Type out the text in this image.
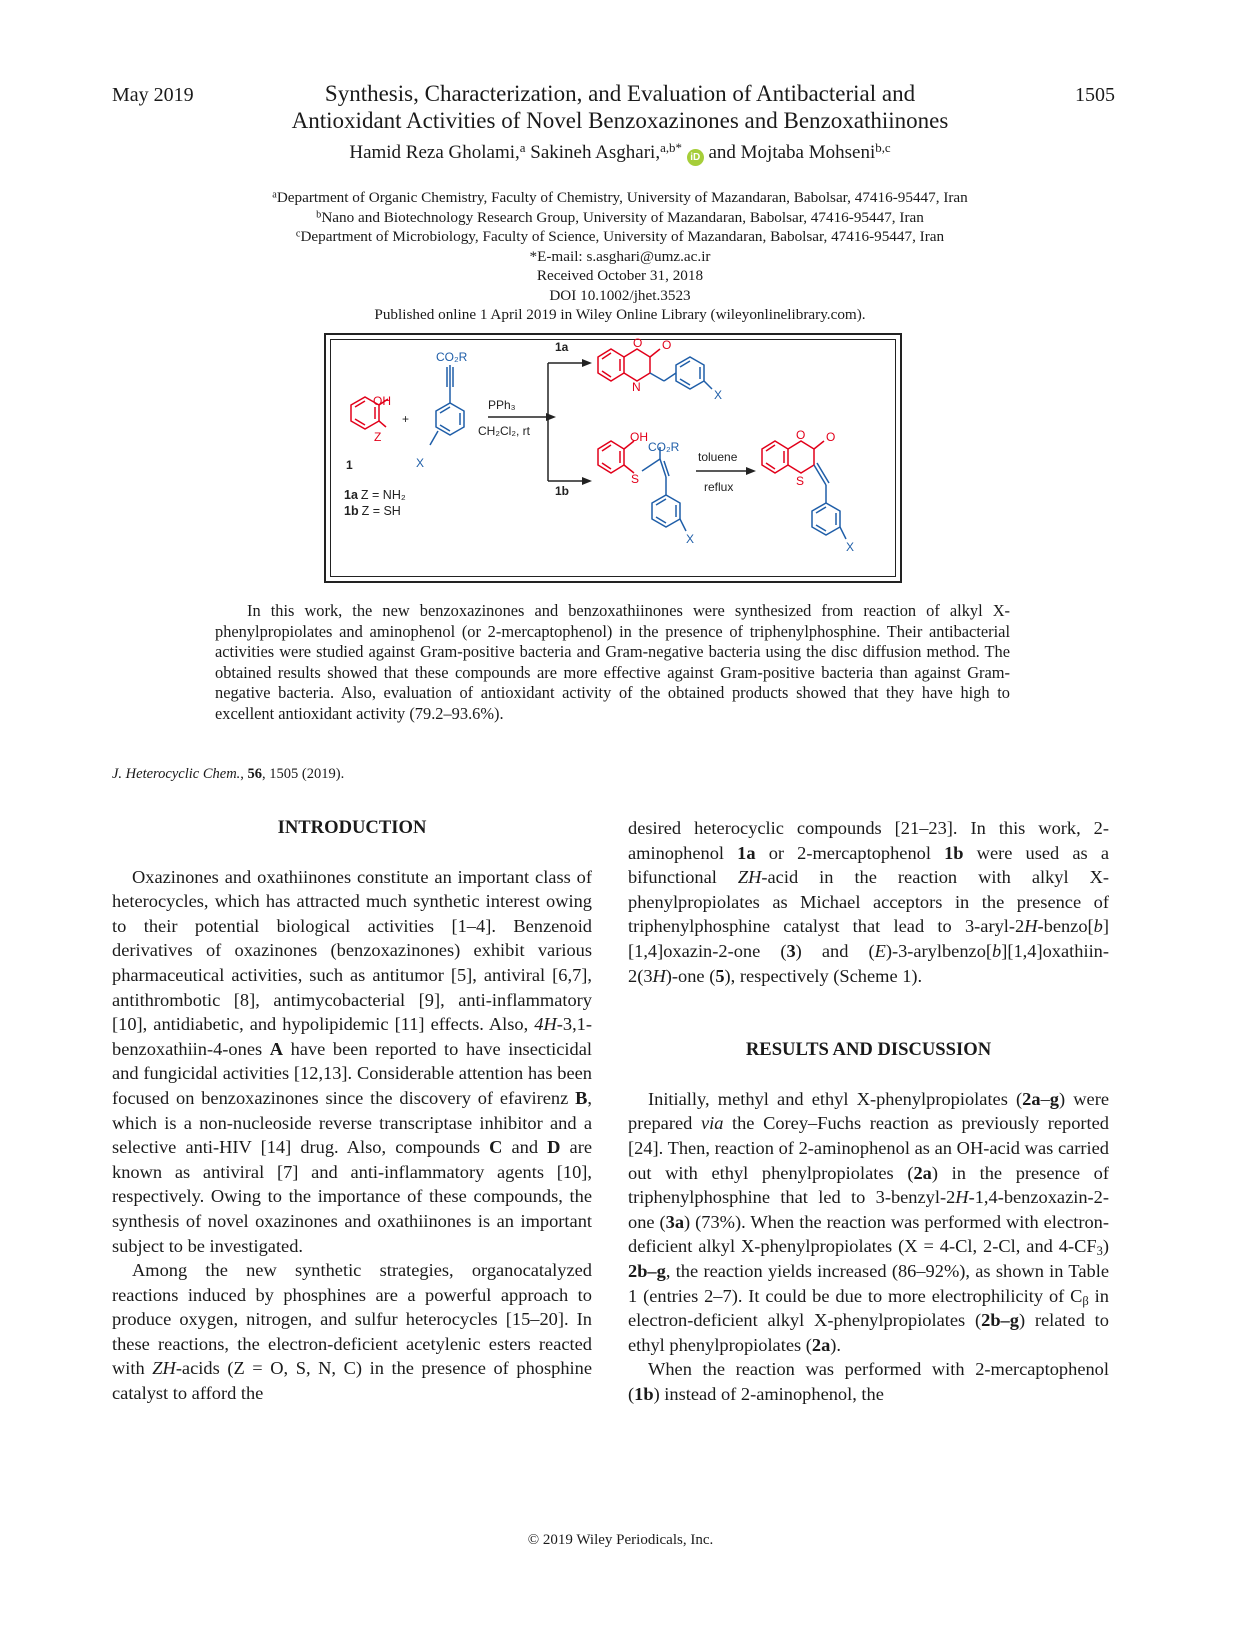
May 2019	1505
Synthesis, Characterization, and Evaluation of Antibacterial and
Antioxidant Activities of Novel Benzoxazinones and Benzoxathiinones
Hamid Reza Gholami,$^a$ Sakineh Asghari,$^{a,b*}$ iD and Mojtaba Mohseni$^{b,c}$
$^a$Department of Organic Chemistry, Faculty of Chemistry, University of Mazandaran, Babolsar, 47416-95447, Iran
$^b$Nano and Biotechnology Research Group, University of Mazandaran, Babolsar, 47416-95447, Iran
$^c$Department of Microbiology, Faculty of Science, University of Mazandaran, Babolsar, 47416-95447, Iran
*E-mail: s.asghari@umz.ac.ir
Received October 31, 2018
DOI 10.1002/jhet.3523
Published online 1 April 2019 in Wiley Online Library (wileyonlinelibrary.com).
CO₂R
OH
Z
X
1
+
PPh₃
CH₂Cl₂, rt
1a
1b
O O
N
X
OH
CO₂R
S
X
toluene
reflux
O O
S
X
1a Z = NH₂
1b Z = SH
In this work, the new benzoxazinones and benzoxathiinones were synthesized from reaction of alkyl X-phenylpropiolates and aminophenol (or 2-mercaptophenol) in the presence of triphenylphosphine. Their antibacterial activities were studied against Gram-positive bacteria and Gram-negative bacteria using the disc diffusion method. The obtained results showed that these compounds are more effective against Gram-positive bacteria than against Gram-negative bacteria. Also, evaluation of antioxidant activity of the obtained products showed that they have high to excellent antioxidant activity (79.2–93.6%).
J. Heterocyclic Chem., 56, 1505 (2019).
INTRODUCTION

Oxazinones and oxathiinones constitute an important class of heterocycles, which has attracted much synthetic interest owing to their potential biological activities [1–4]. Benzenoid derivatives of oxazinones (benzoxazinones) exhibit various pharmaceutical activities, such as antitumor [5], antiviral [6,7], antithrombotic [8], antimycobacterial [9], anti-inflammatory [10], antidiabetic, and hypolipidemic [11] effects. Also, 4H-3,1-benzoxathiin-4-ones A have been reported to have insecticidal and fungicidal activities [12,13]. Considerable attention has been focused on benzoxazinones since the discovery of efavirenz B, which is a non-nucleoside reverse transcriptase inhibitor and a selective anti-HIV [14] drug. Also, compounds C and D are known as antiviral [7] and anti-inflammatory agents [10], respectively. Owing to the importance of these compounds, the synthesis of novel oxazinones and oxathiinones is an important subject to be investigated.

Among the new synthetic strategies, organocatalyzed reactions induced by phosphines are a powerful approach to produce oxygen, nitrogen, and sulfur heterocycles [15–20]. In these reactions, the electron-deficient acetylenic esters reacted with ZH-acids (Z = O, S, N, C) in the presence of phosphine catalyst to afford the

desired heterocyclic compounds [21–23]. In this work, 2-aminophenol 1a or 2-mercaptophenol 1b were used as a bifunctional ZH-acid in the reaction with alkyl X-phenylpropiolates as Michael acceptors in the presence of triphenylphosphine catalyst that lead to 3-aryl-2H-benzo[b][1,4]oxazin-2-one (3) and (E)-3-arylbenzo[b][1,4]oxathiin-2(3H)-one (5), respectively (Scheme 1).

RESULTS AND DISCUSSION

Initially, methyl and ethyl X-phenylpropiolates (2a–g) were prepared via the Corey–Fuchs reaction as previously reported [24]. Then, reaction of 2-aminophenol as an OH-acid was carried out with ethyl phenylpropiolates (2a) in the presence of triphenylphosphine that led to 3-benzyl-2H-1,4-benzoxazin-2-one (3a) (73%). When the reaction was performed with electron-deficient alkyl X-phenylpropiolates (X = 4-Cl, 2-Cl, and $4-CF_3$) 2b–g, the reaction yields increased (86–92%), as shown in Table 1 (entries 2–7). It could be due to more electrophilicity of $C_\beta$ in electron-deficient alkyl X-phenylpropiolates (2b–g) related to ethyl phenylpropiolates (2a).

When the reaction was performed with 2-mercaptophenol (1b) instead of 2-aminophenol, the

© 2019 Wiley Periodicals, Inc.
